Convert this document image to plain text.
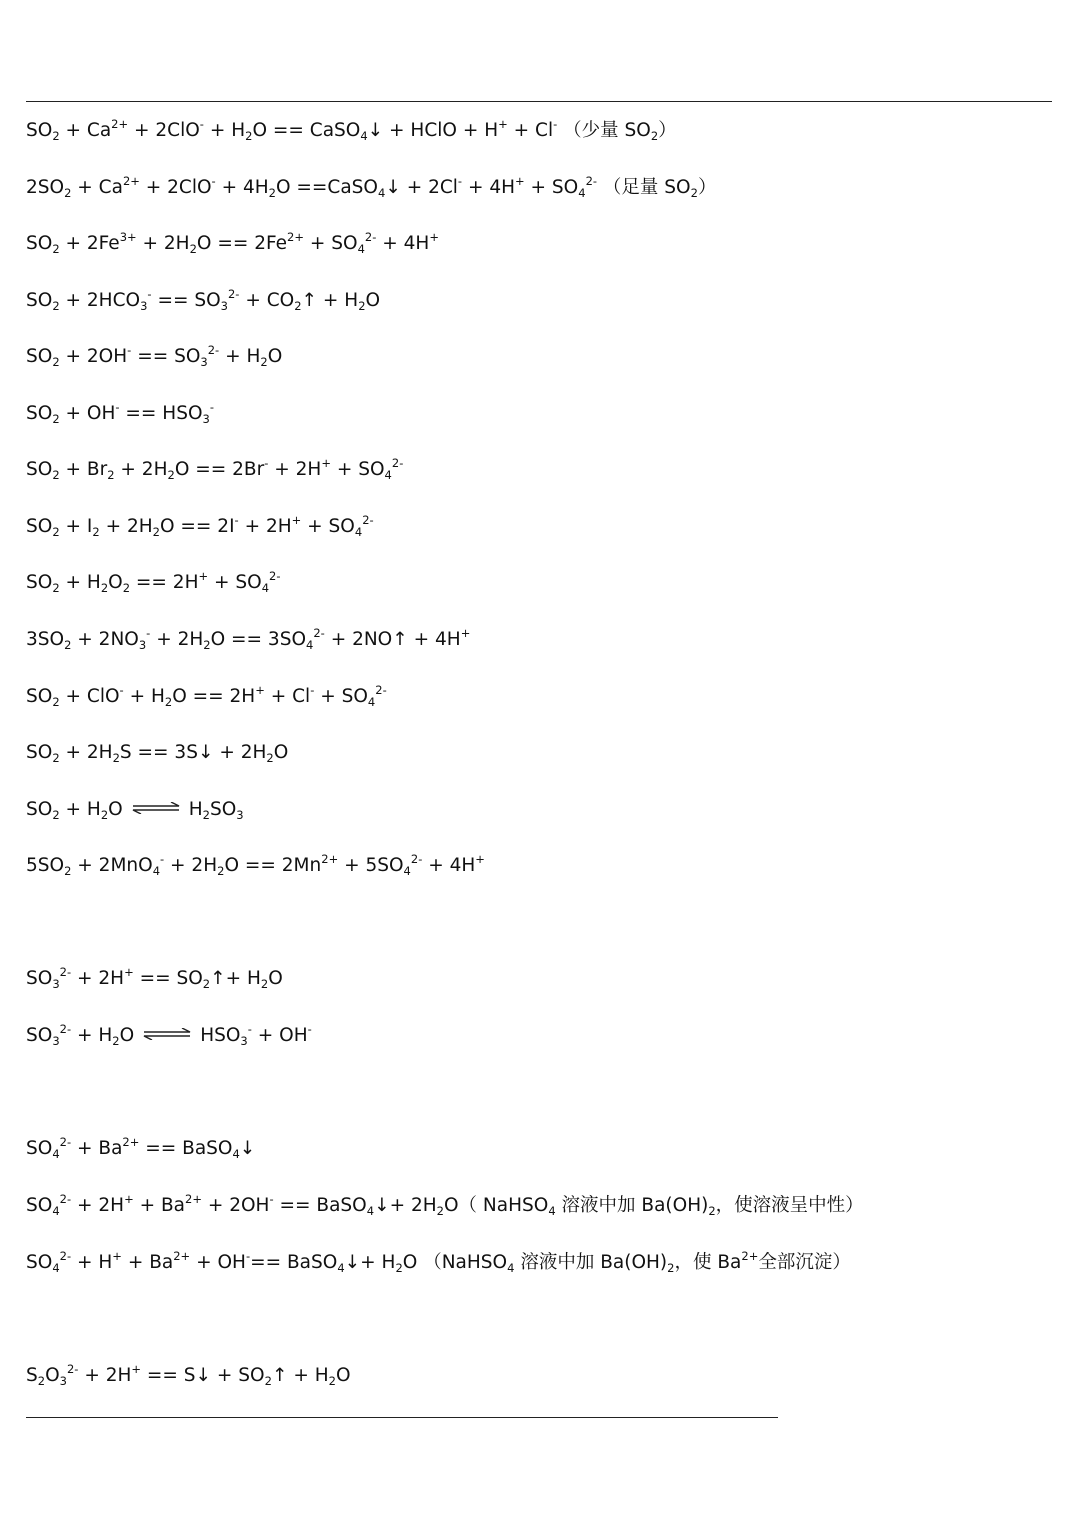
$SO_2 + Ca^{2+} + 2ClO^- + H_2O$ == CaSO$_4$↓ + HClO + H+ + Cl- （少量 $SO_2$）
$2SO_2 + Ca^{2+} + 2ClO^- + 4H_2O$ ==CaSO$_4$↓ + $2Cl^- + 4H^+ + SO_4^{2-}$ （足量 $SO_2$）
$SO_2 + 2Fe^{3+} + 2H_2O == 2Fe^{2+} + SO_4^{2-} + 4H^+$
$SO_2 + 2HCO_3^- == SO_3^{2-}$ + $CO_2↑ + H_2O$
$SO_2 + 2OH^- == SO_3^{2-} + H_2O$
$SO_2 + OH^- == HSO_3^-$
$SO_2 + Br_2 + 2H_2O == 2Br^- + 2H^+ + SO_4^{2-}$
$SO_2 + I_2 + 2H_2O == 2I^- + 2H^+ + SO_4^{2-}$
$SO_2 + H_2O_2 == 2H^+ + SO_4^{2-}$
$3SO_2 + 2NO_3^- + 2H_2O == 3SO_4^{2-}$ + 2NO↑ + 4H+
$SO_2 + ClO^- + H_2O == 2H^+ + Cl^- + SO_4^{2-}$
$SO_2 + 2H_2S$ == 3S↓ + $2H_2O$
$SO_2 + H_2O$ ⇌ $H_2SO_3$
$5SO_2 + 2MnO_4^- + 2H_2O == 2Mn^{2+} + 5SO_4^{2-} + 4H^+$
$SO_3^{2-} + 2H^+$ == $SO_2↑+ H_2O$
$SO_3^{2-} + H_2O$ ⇌ $HSO_3^- + OH^-$
$SO_4^{2-} + Ba^{2+}$ == BaSO$_4$↓
$SO_4^{2-} + 2H^+ + Ba^{2+} + 2OH^-$ == BaSO$_4$↓+ $2H_2O$（ NaHSO$_4$ 溶液中加 $Ba(OH)_2$，使溶液呈中性）
$SO_4^{2-} + H^+ + Ba^{2+} + OH^-==$ BaSO$_4$↓+ $H_2O$ （NaHSO$_4$ 溶液中加 $Ba(OH)_2$，使 $Ba^{2+}$全部沉淀）
$S_2O_3^{2-} + 2H^+$ == S↓ + $SO_2↑ + H_2O$
